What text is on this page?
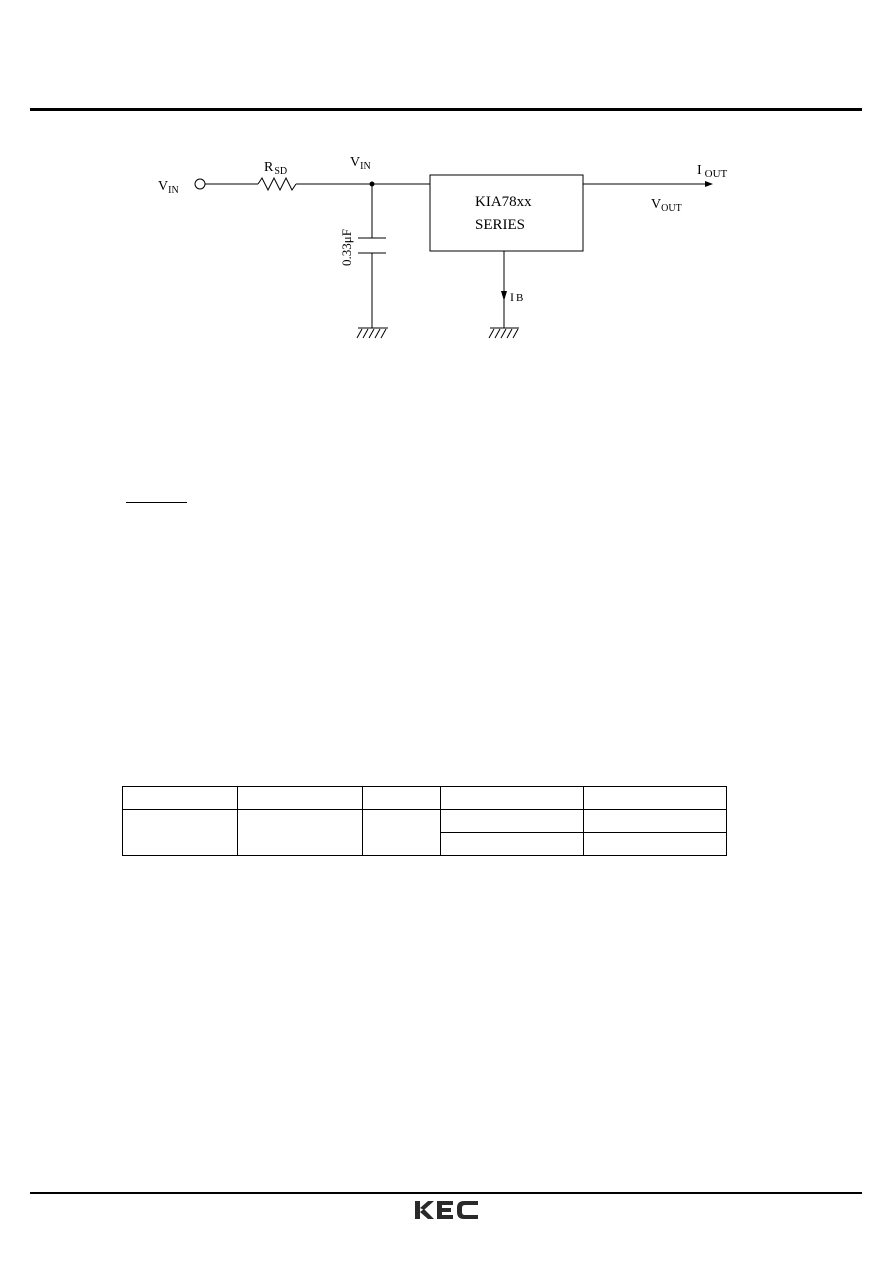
$V_{IN}$
$R_{SD}$
$V_{IN}$
0.33μF
KIA78xx
SERIES
I $_{OUT}$
$V_{OUT}$
I B
